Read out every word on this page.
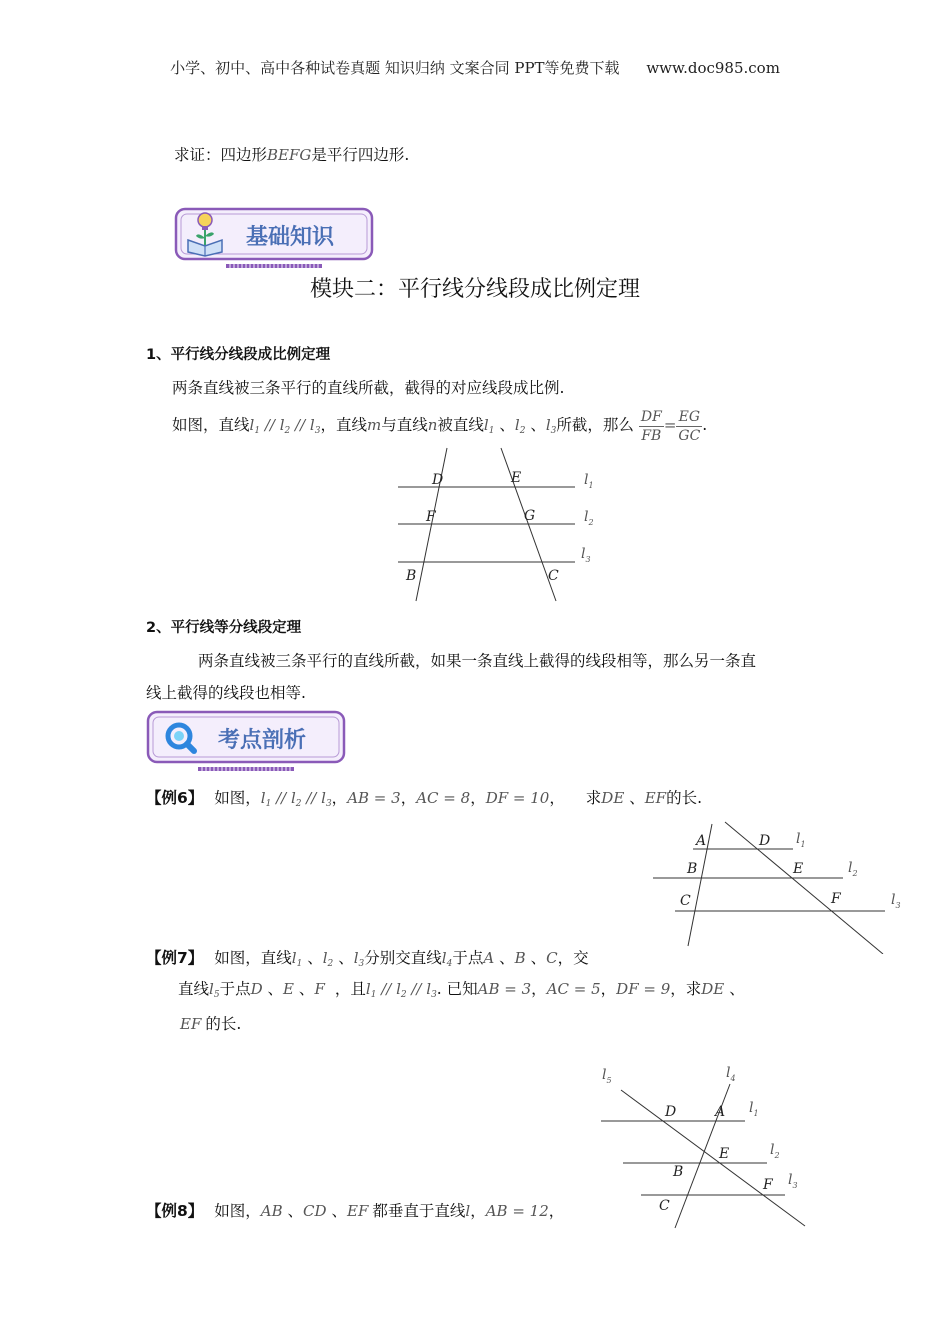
小学、初中、高中各种试卷真题 知识归纳 文案合同 PPT等免费下载 www.doc985.com
求证：四边形BEFG是平行四边形.
基础知识
模块二：平行线分线段成比例定理
1、平行线分线段成比例定理
两条直线被三条平行的直线所截，截得的对应线段成比例.
如图，直线$l_1 // l_2 // l_3$，直线m与直线n被直线$l_1$ 、$l_2$ 、$l_3$所截，那么 $\frac{DF}{FB} = \frac{EG}{GC}$ .
D	E
F	G
B	C
$l_1$
$l_2$
$l_3$
2、平行线等分线段定理
两条直线被三条平行的直线所截，如果一条直线上截得的线段相等，那么另一条直
线上截得的线段也相等.
考点剖析
【例6】 如图，$l_1 // l_2 // l_3$，AB = 3，AC = 8，DF = 10， 求DE 、EF的长.
A	D
B	E
C	F
$l_1$
$l_2$
$l_3$
【例7】 如图，直线$l_1$ 、$l_2$ 、$l_3$分别交直线$l_4$于点A 、B 、C，交
直线$l_5$于点D 、E 、F ，且$l_1 // l_2 // l_3$. 已知AB = 3，AC = 5，DF = 9，求DE 、
EF 的长.
D	A
E
B
F
C
$l_5$	$l_4$
$l_1$
$l_2$
$l_3$
【例8】 如图，AB 、CD 、EF 都垂直于直线l，AB = 12，
